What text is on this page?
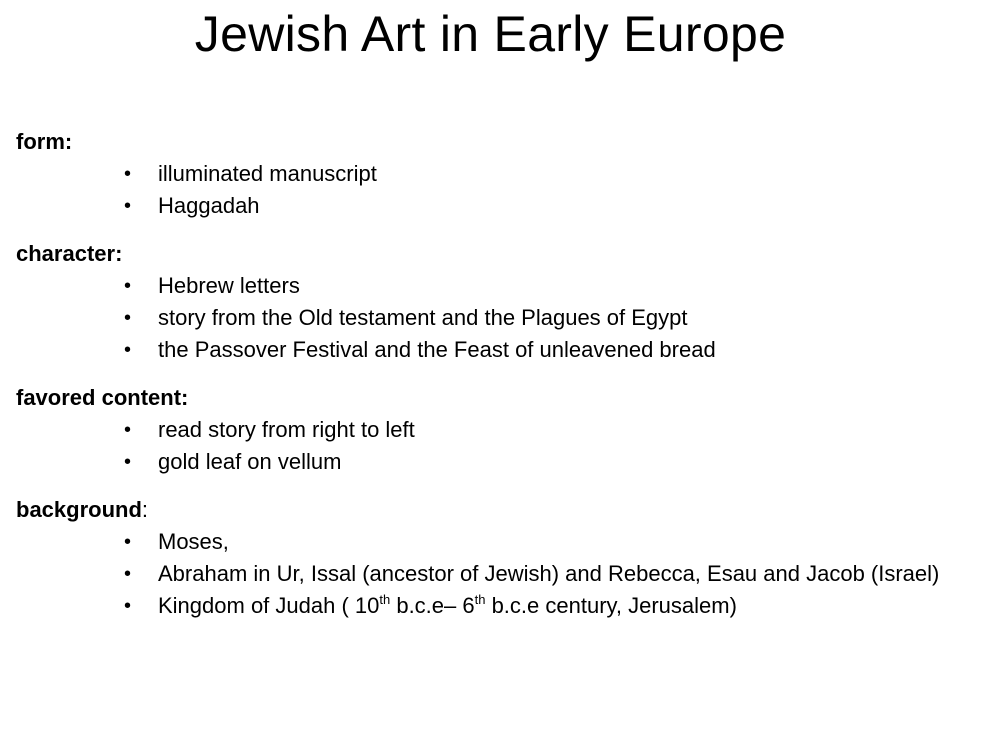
Jewish Art in Early Europe

form:

• illuminated manuscript
• Haggadah

character:

• Hebrew letters
• story from the Old testament and the Plagues of Egypt
• the Passover Festival and the Feast of unleavened bread

favored content:

• read story from right to left
• gold leaf on vellum

background:

• Moses,
• Abraham in Ur, Issal (ancestor of Jewish) and Rebecca, Esau and Jacob (Israel)
• Kingdom of Judah ( 10th b.c.e– 6th b.c.e century, Jerusalem)
